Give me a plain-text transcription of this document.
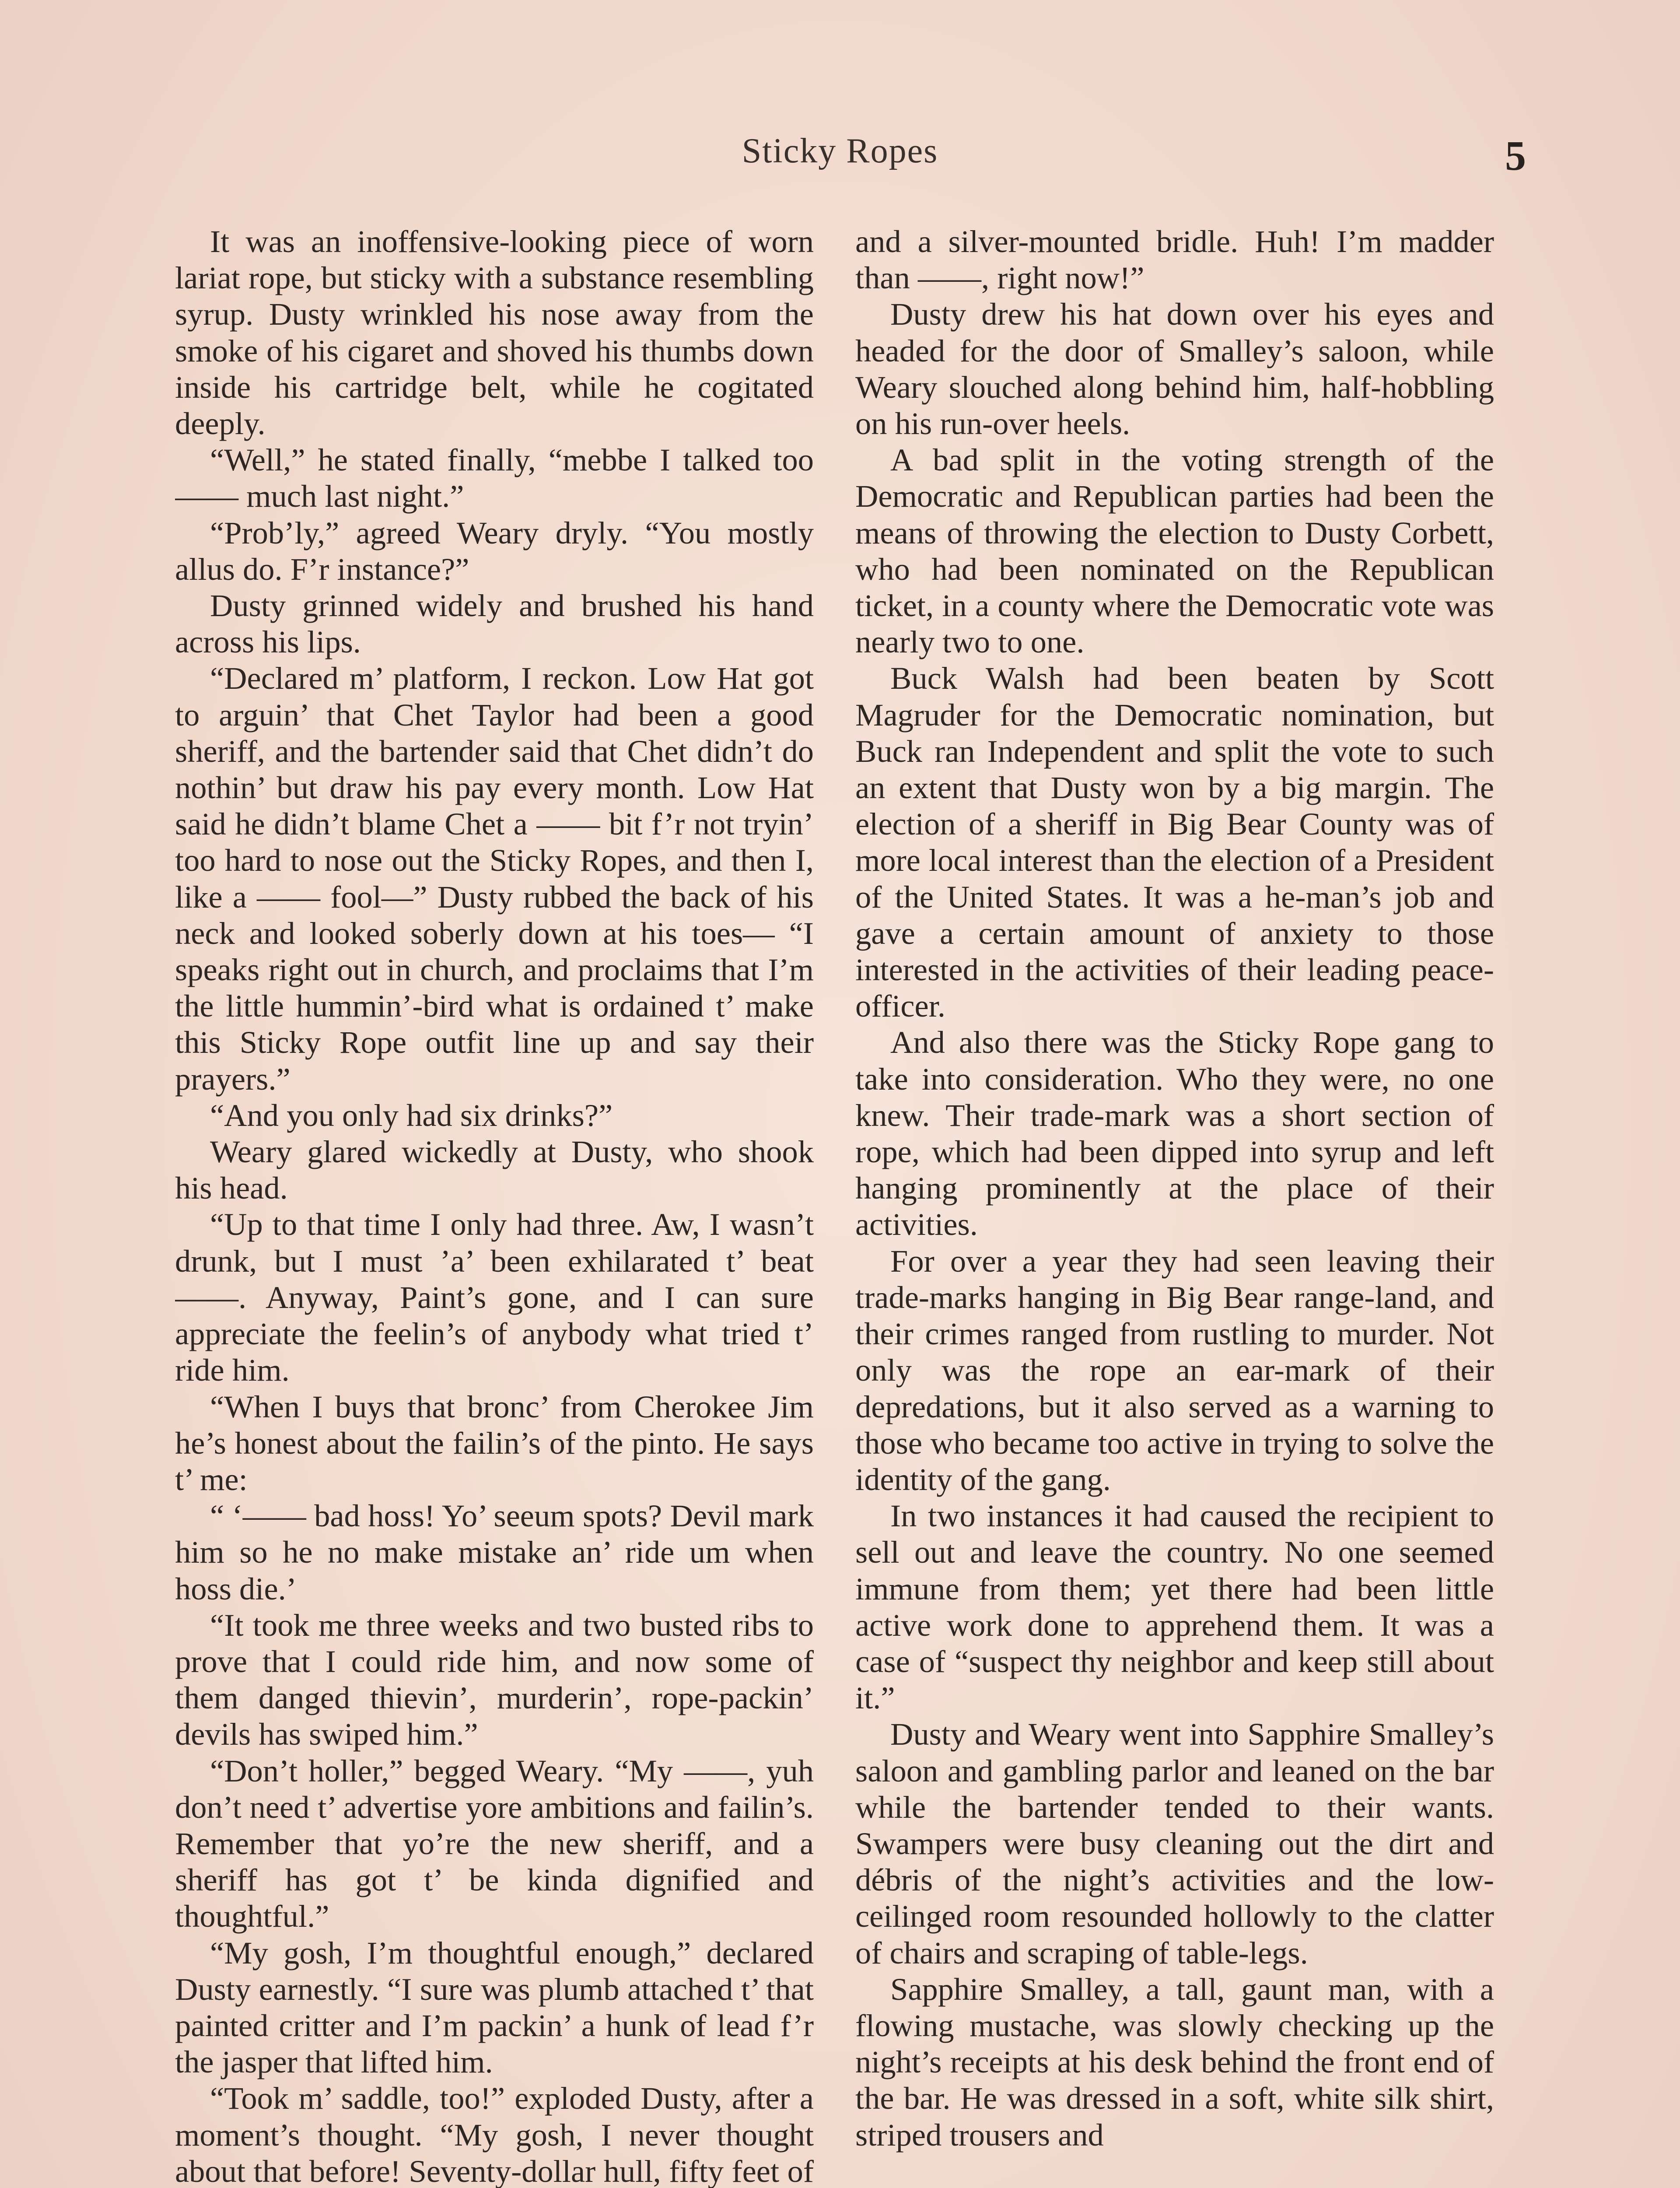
Sticky Ropes	5

It was an inoffensive-looking piece of worn lariat rope, but sticky with a substance resembling syrup. Dusty wrinkled his nose away from the smoke of his cigaret and shoved his thumbs down inside his cartridge belt, while he cogitated deeply.

“Well,” he stated finally, “mebbe I talked too —— much last night.”

“Prob’ly,” agreed Weary dryly. “You mostly allus do. F’r instance?”

Dusty grinned widely and brushed his hand across his lips.

“Declared m’ platform, I reckon. Low Hat got to arguin’ that Chet Taylor had been a good sheriff, and the bartender said that Chet didn’t do nothin’ but draw his pay every month. Low Hat said he didn’t blame Chet a —— bit f’r not tryin’ too hard to nose out the Sticky Ropes, and then I, like a —— fool—” Dusty rubbed the back of his neck and looked soberly down at his toes— “I speaks right out in church, and proclaims that I’m the little hummin’-bird what is ordained t’ make this Sticky Rope outfit line up and say their prayers.”

“And you only had six drinks?”

Weary glared wickedly at Dusty, who shook his head.

“Up to that time I only had three. Aw, I wasn’t drunk, but I must ’a’ been exhilarated t’ beat ——. Anyway, Paint’s gone, and I can sure appreciate the feelin’s of anybody what tried t’ ride him.

“When I buys that bronc’ from Cherokee Jim he’s honest about the failin’s of the pinto. He says t’ me:

“ ‘—— bad hoss! Yo’ seeum spots? Devil mark him so he no make mistake an’ ride um when hoss die.’

“It took me three weeks and two busted ribs to prove that I could ride him, and now some of them danged thievin’, murderin’, rope-packin’ devils has swiped him.”

“Don’t holler,” begged Weary. “My ——, yuh don’t need t’ advertise yore ambitions and failin’s. Remember that yo’re the new sheriff, and a sheriff has got t’ be kinda dignified and thoughtful.”

“My gosh, I’m thoughtful enough,” declared Dusty earnestly. “I sure was plumb attached t’ that painted critter and I’m packin’ a hunk of lead f’r the jasper that lifted him.

“Took m’ saddle, too!” exploded Dusty, after a moment’s thought. “My gosh, I never thought about that before! Seventy-dollar hull, fifty feet of

and a silver-mounted bridle. Huh! I’m madder than ——, right now!”

Dusty drew his hat down over his eyes and headed for the door of Smalley’s saloon, while Weary slouched along behind him, half-hobbling on his run-over heels.

A bad split in the voting strength of the Democratic and Republican parties had been the means of throwing the election to Dusty Corbett, who had been nominated on the Republican ticket, in a county where the Democratic vote was nearly two to one.

Buck Walsh had been beaten by Scott Magruder for the Democratic nomination, but Buck ran Independent and split the vote to such an extent that Dusty won by a big margin. The election of a sheriff in Big Bear County was of more local interest than the election of a President of the United States. It was a he-man’s job and gave a certain amount of anxiety to those interested in the activities of their leading peace-officer.

And also there was the Sticky Rope gang to take into consideration. Who they were, no one knew. Their trade-mark was a short section of rope, which had been dipped into syrup and left hanging prominently at the place of their activities.

For over a year they had seen leaving their trade-marks hanging in Big Bear range-land, and their crimes ranged from rustling to murder. Not only was the rope an ear-mark of their depredations, but it also served as a warning to those who became too active in trying to solve the identity of the gang.

In two instances it had caused the recipient to sell out and leave the country. No one seemed immune from them; yet there had been little active work done to apprehend them. It was a case of “suspect thy neighbor and keep still about it.”

Dusty and Weary went into Sapphire Smalley’s saloon and gambling parlor and leaned on the bar while the bartender tended to their wants. Swampers were busy cleaning out the dirt and débris of the night’s activities and the low-ceilinged room resounded hollowly to the clatter of chairs and scraping of table-legs.

Sapphire Smalley, a tall, gaunt man, with a flowing mustache, was slowly checking up the night’s receipts at his desk behind the front end of the bar. He was dressed in a soft, white silk shirt, striped trousers and
